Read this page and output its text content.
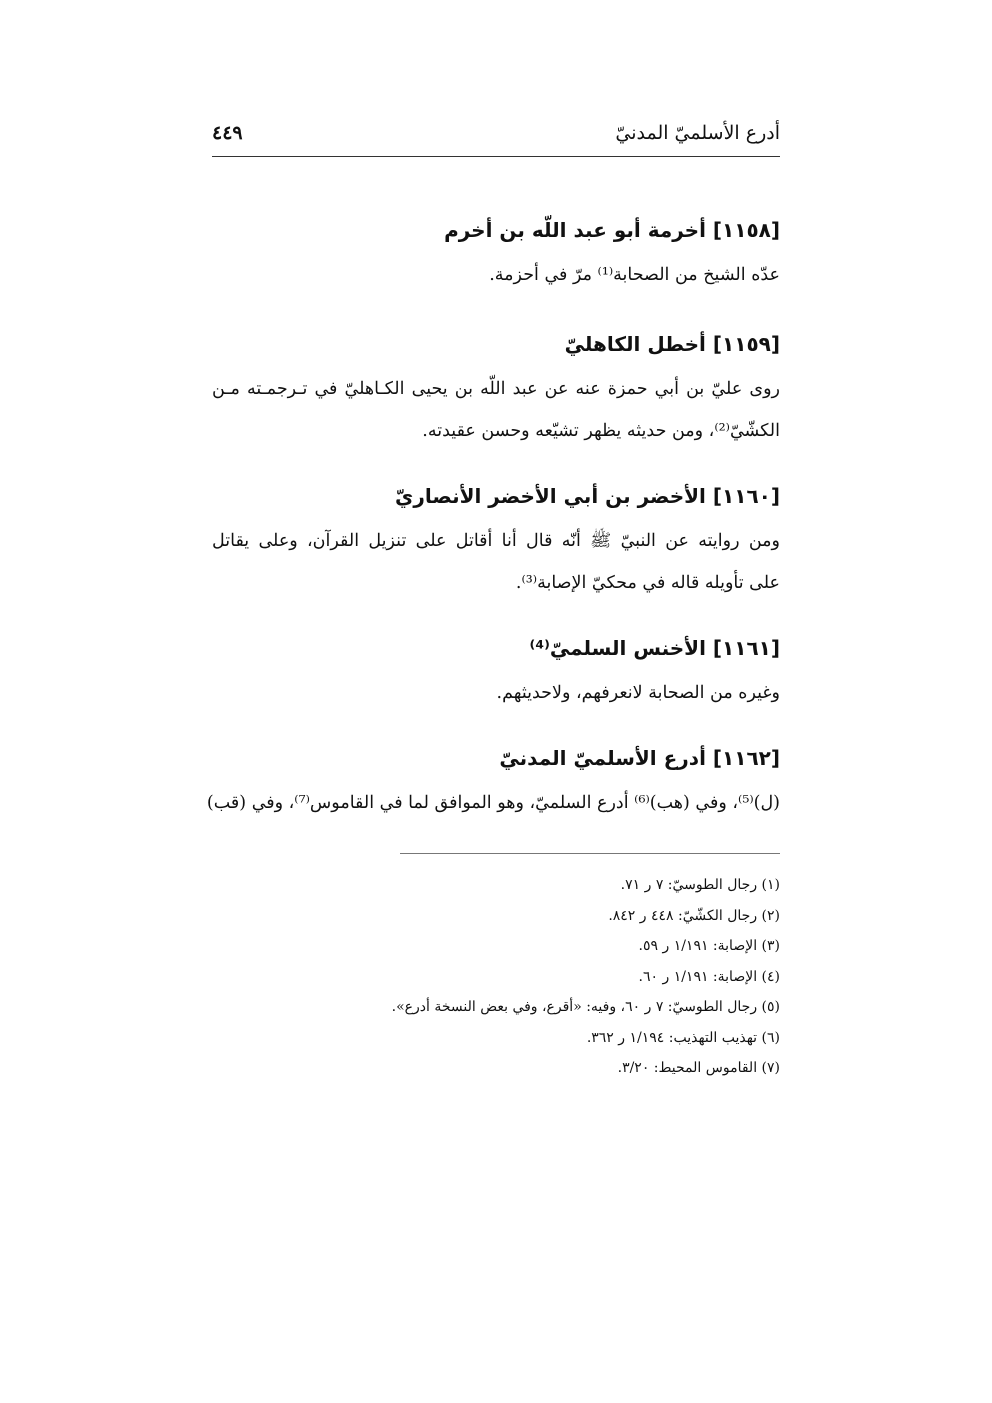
أدرع الأسلميّ المدنيّ
٤٤٩
[١١٥٨] أخرمة أبو عبد اللّه بن أخرم
عدّه الشيخ من الصحابة⁽¹⁾ مرّ في أحزمة.
[١١٥٩] أخطل الكاهليّ
روى عليّ بن أبي حمزة عنه عن عبد اللّه بن يحيى الكـاهليّ في تـرجمـته مـن
الكشّيّ⁽²⁾، ومن حديثه يظهر تشيّعه وحسن عقيدته.
[١١٦٠] الأخضر بن أبي الأخضر الأنصاريّ
ومن روايته عن النبيّ ﷺ أنّه قال أنا أقاتل على تنزيل القرآن، وعلى يقاتل
على تأويله قاله في محكيّ الإصابة⁽³⁾.
[١١٦١] الأخنس السلميّ⁽⁴⁾
وغيره من الصحابة لانعرفهم، ولاحديثهم.
[١١٦٢] أدرع الأسلميّ المدنيّ
(ل)⁽⁵⁾، وفي (هب)⁽⁶⁾ أدرع السلميّ، وهو الموافق لما في القاموس⁽⁷⁾، وفي (قب)
(١) رجال الطوسيّ: ٧ ر ٧١.
(٢) رجال الكشّيّ: ٤٤٨ ر ٨٤٢.
(٣) الإصابة: ١/١٩١ ر ٥٩.
(٤) الإصابة: ١/١٩١ ر ٦٠.
(٥) رجال الطوسيّ: ٧ ر ٦٠، وفيه: «أقرع، وفي بعض النسخة أدرع».
(٦) تهذيب التهذيب: ١/١٩٤ ر ٣٦٢.
(٧) القاموس المحيط: ٣/٢٠.
